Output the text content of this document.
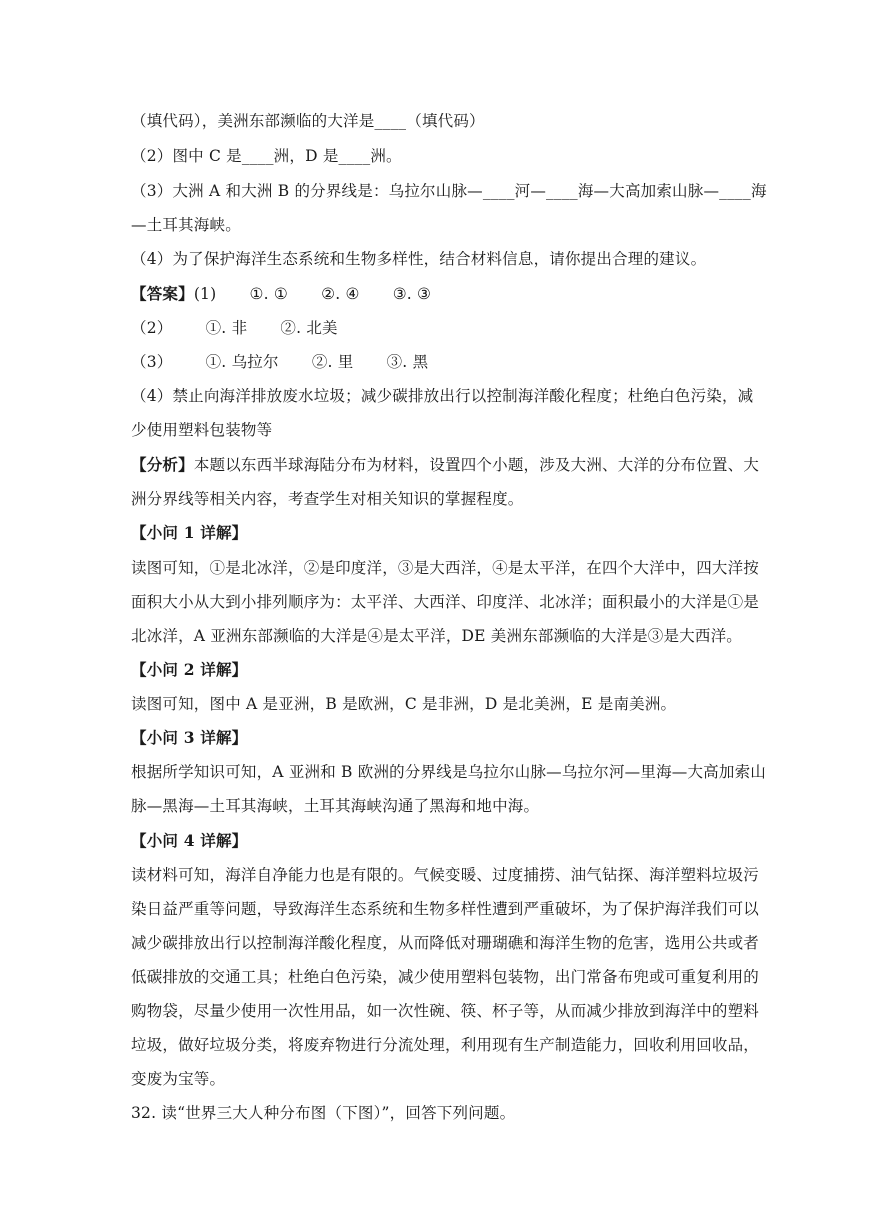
（填代码），美洲东部濒临的大洋是____（填代码）
（2）图中 C 是____洲，D 是____洲。
（3）大洲 A 和大洲 B 的分界线是：乌拉尔山脉—____河—____海—大高加索山脉—____海
—土耳其海峡。
（4）为了保护海洋生态系统和生物多样性，结合材料信息，请你提出合理的建议。
【答案】(1) ①. ① ②. ④ ③. ③
（2） ①. 非 ②. 北美
（3） ①. 乌拉尔 ②. 里 ③. 黑
（4）禁止向海洋排放废水垃圾；减少碳排放出行以控制海洋酸化程度；杜绝白色污染，减
少使用塑料包装物等
【分析】本题以东西半球海陆分布为材料，设置四个小题，涉及大洲、大洋的分布位置、大
洲分界线等相关内容，考查学生对相关知识的掌握程度。
【小问 1 详解】
读图可知，①是北冰洋，②是印度洋，③是大西洋，④是太平洋，在四个大洋中，四大洋按
面积大小从大到小排列顺序为：太平洋、大西洋、印度洋、北冰洋；面积最小的大洋是①是
北冰洋，A 亚洲东部濒临的大洋是④是太平洋，DE 美洲东部濒临的大洋是③是大西洋。
【小问 2 详解】
读图可知，图中 A 是亚洲，B 是欧洲，C 是非洲，D 是北美洲，E 是南美洲。
【小问 3 详解】
根据所学知识可知，A 亚洲和 B 欧洲的分界线是乌拉尔山脉—乌拉尔河—里海—大高加索山
脉—黑海—土耳其海峡，土耳其海峡沟通了黑海和地中海。
【小问 4 详解】
读材料可知，海洋自净能力也是有限的。气候变暖、过度捕捞、油气钻探、海洋塑料垃圾污
染日益严重等问题，导致海洋生态系统和生物多样性遭到严重破坏，为了保护海洋我们可以
减少碳排放出行以控制海洋酸化程度，从而降低对珊瑚礁和海洋生物的危害，选用公共或者
低碳排放的交通工具；杜绝白色污染，减少使用塑料包装物，出门常备布兜或可重复利用的
购物袋，尽量少使用一次性用品，如一次性碗、筷、杯子等，从而减少排放到海洋中的塑料
垃圾，做好垃圾分类，将废弃物进行分流处理，利用现有生产制造能力，回收利用回收品，
变废为宝等。
32. 读“世界三大人种分布图（下图）”，回答下列问题。
